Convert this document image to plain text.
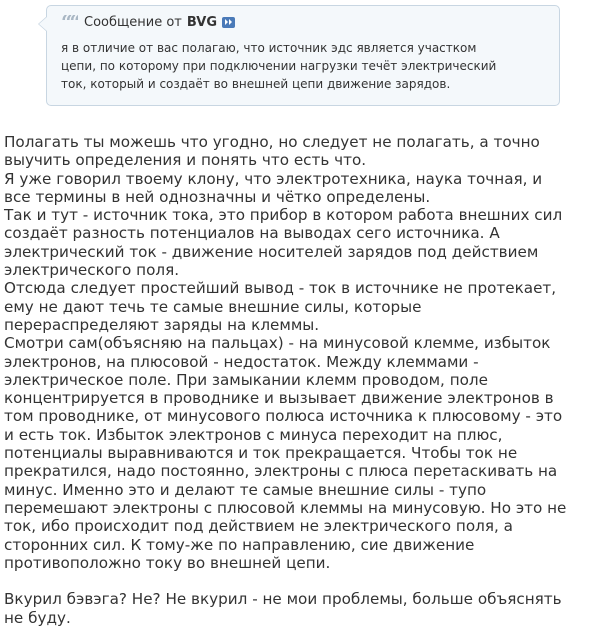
““ Сообщение от BVG
я в отличие от вас полагаю, что источник эдс является участком
цепи, по которому при подключении нагрузки течёт электрический
ток, который и создаёт во внешней цепи движение зарядов.

Полагать ты можешь что угодно, но следует не полагать, а точно

выучить определения и понять что есть что.

Я уже говорил твоему клону, что электротехника, наука точная, и

все термины в ней однозначны и чётко определены.

Так и тут - источник тока, это прибор в котором работа внешних сил

создаёт разность потенциалов на выводах сего источника. А

электрический ток - движение носителей зарядов под действием

электрического поля.

Отсюда следует простейший вывод - ток в источнике не протекает,

ему не дают течь те самые внешние силы, которые

перераспределяют заряды на клеммы.

Смотри сам(объясняю на пальцах) - на минусовой клемме, избыток

электронов, на плюсовой - недостаток. Между клеммами -

электрическое поле. При замыкании клемм проводом, поле

концентрируется в проводнике и вызывает движение электронов в

том проводнике, от минусового полюса источника к плюсовому - это

и есть ток. Избыток электронов с минуса переходит на плюс,

потенциалы выравниваются и ток прекращается. Чтобы ток не

прекратился, надо постоянно, электроны с плюса перетаскивать на

минус. Именно это и делают те самые внешние силы - тупо

перемешают электроны с плюсовой клеммы на минусовую. Но это не

ток, ибо происходит под действием не электрического поля, а

сторонних сил. К тому-же по направлению, сие движение

противоположно току во внешней цепи.

Вкурил бэвэга? Не? Не вкурил - не мои проблемы, больше объяснять

не буду.
